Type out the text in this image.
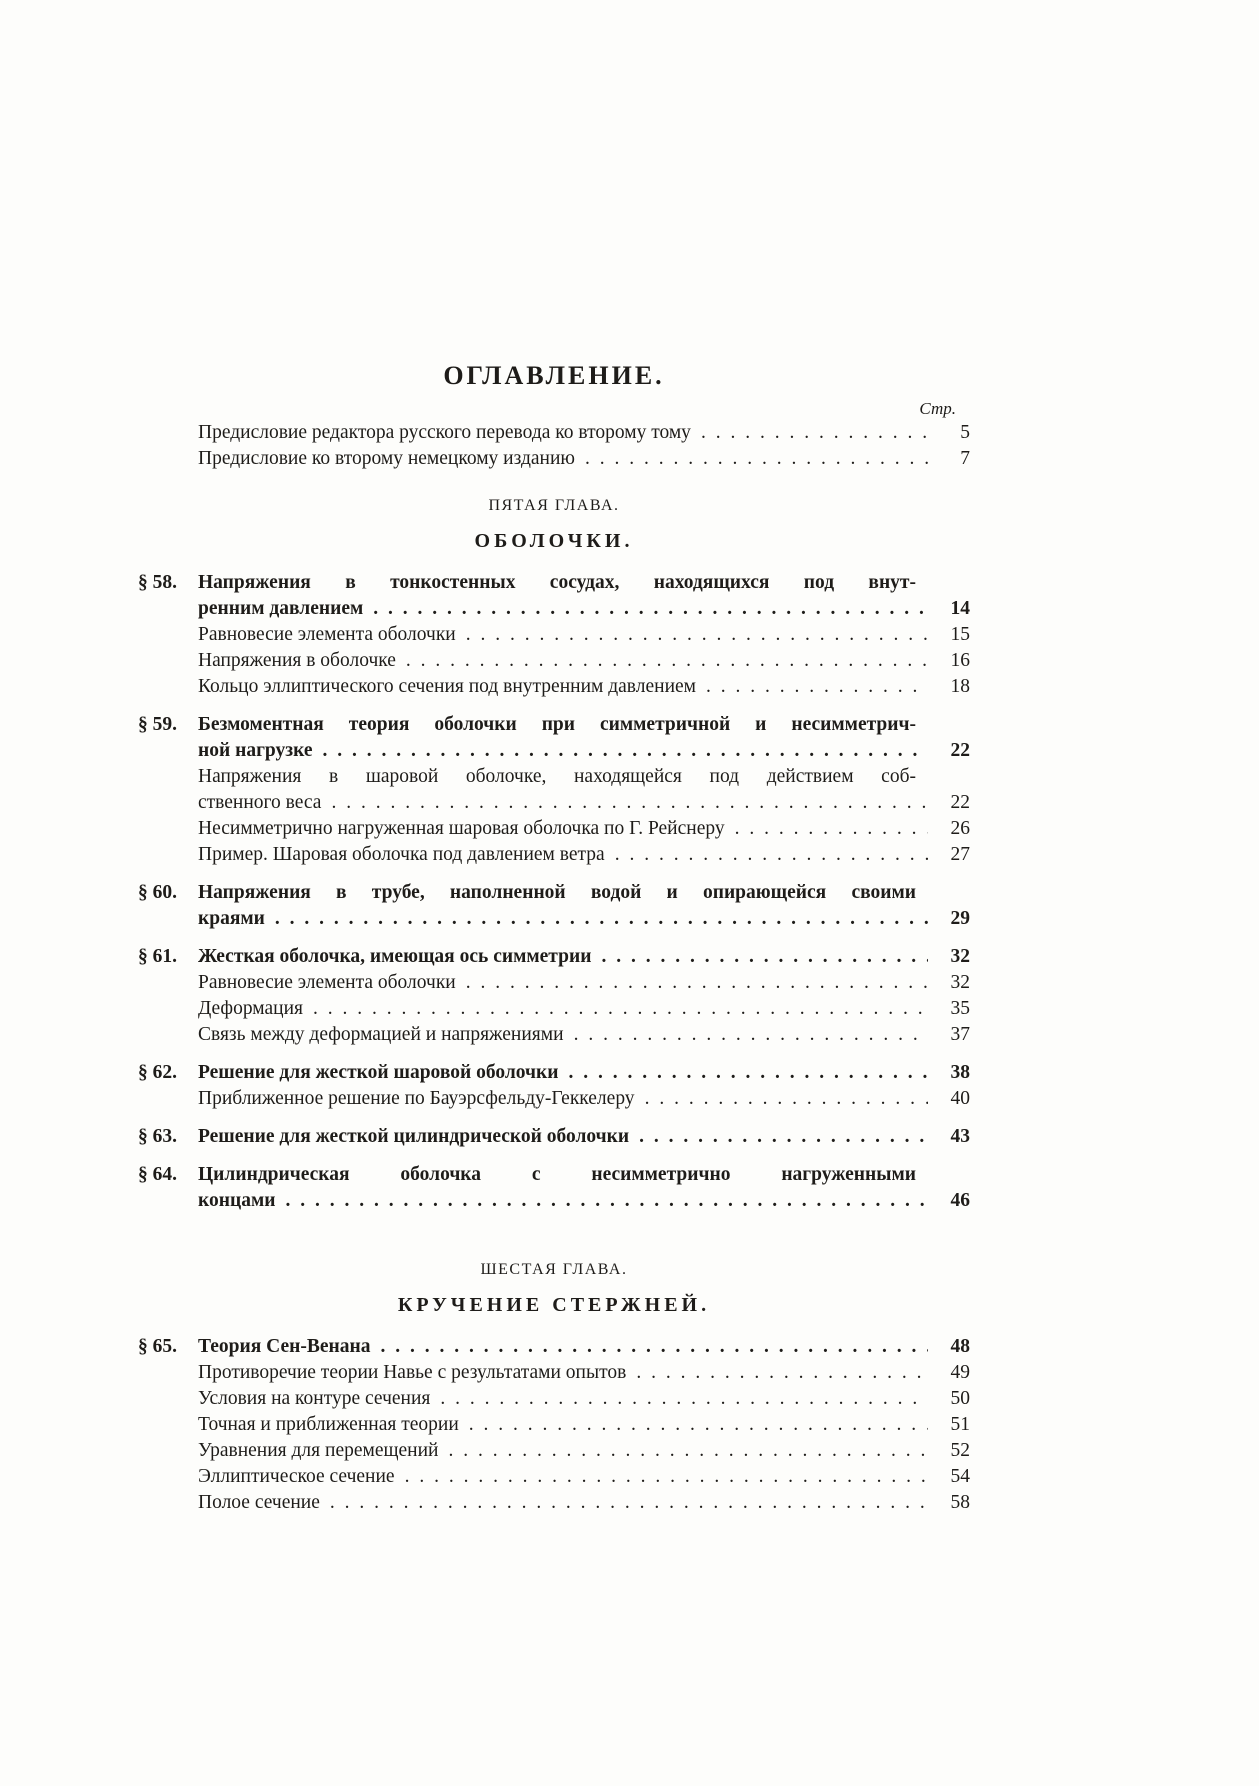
ОГЛАВЛЕНИЕ.
Стр.
Предисловие редактора русского перевода ко второму тому . . .	5
Предисловие ко второму немецкому изданию . . .	7
ПЯТАЯ ГЛАВА.
ОБОЛОЧКИ.
§ 58.	Напряжения в тонкостенных сосудах, находящихся под внут-
ренним давлением . . .	14
Равновесие элемента оболочки . . .	15
Напряжения в оболочке . . .	16
Кольцо эллиптического сечения под внутренним давлением . . .	18
§ 59.	Безмоментная теория оболочки при симметричной и несимметрич-
ной нагрузке . . .	22
Напряжения в шаровой оболочке, находящейся под действием соб-
ственного веса . . .	22
Несимметрично нагруженная шаровая оболочка по Г. Рейснеру . . .	26
Пример. Шаровая оболочка под давлением ветра . . .	27
§ 60.	Напряжения в трубе, наполненной водой и опирающейся своими
краями . . .	29
§ 61.	Жесткая оболочка, имеющая ось симметрии . . .	32
Равновесие элемента оболочки . . .	32
Деформация . . .	35
Связь между деформацией и напряжениями . . .	37
§ 62.	Решение для жесткой шаровой оболочки . . .	38
Приближенное решение по Бауэрсфельду-Геккелеру . . .	40
§ 63.	Решение для жесткой цилиндрической оболочки . . .	43
§ 64.	Цилиндрическая оболочка с несимметрично нагруженными
концами . . .	46
ШЕСТАЯ ГЛАВА.
КРУЧЕНИЕ СТЕРЖНЕЙ.
§ 65.	Теория Сен-Венана . . .	48
Противоречие теории Навье с результатами опытов . . .	49
Условия на контуре сечения . . .	50
Точная и приближенная теории . . .	51
Уравнения для перемещений . . .	52
Эллиптическое сечение . . .	54
Полое сечение . . .	58
